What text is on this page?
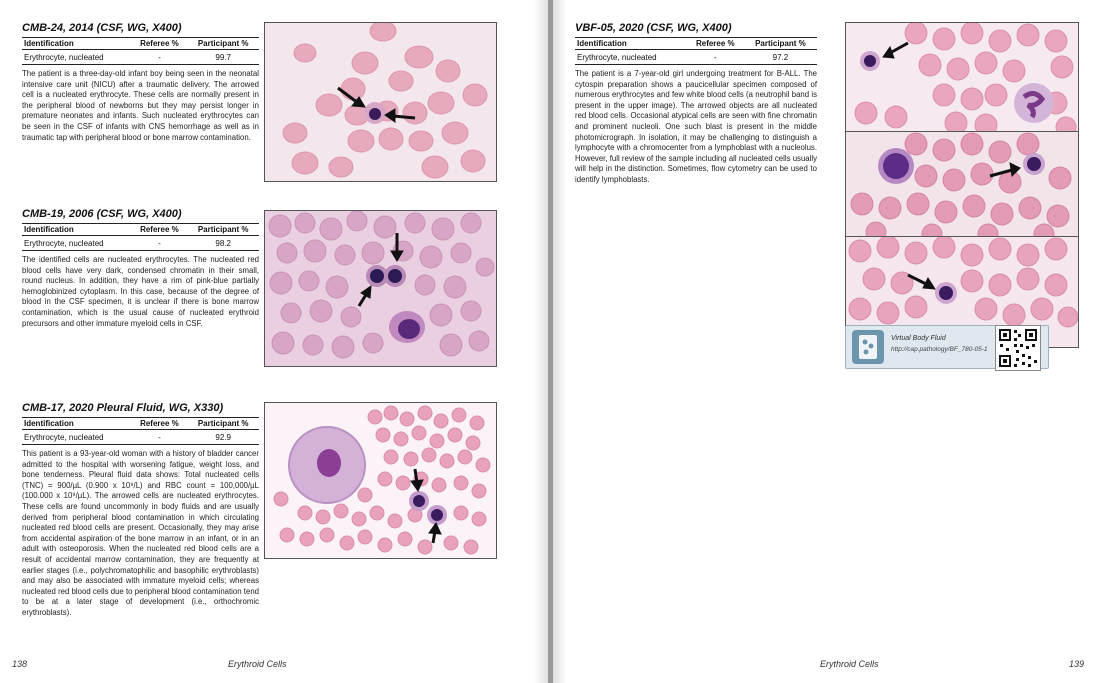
CMB-24, 2014 (CSF, WG, X400)
Identification	Referee %	Participant %
Erythrocyte, nucleated	-	99.7
The patient is a three-day-old infant boy being seen in the neonatal intensive care unit (NICU) after a traumatic delivery. The arrowed cell is a nucleated erythrocyte. These cells are normally present in the peripheral blood of newborns but they may persist longer in premature neonates and infants. Such nucleated erythrocytes can be seen in the CSF of infants with CNS hemorrhage as well as in traumatic tap with peripheral blood or bone marrow contamination.
CMB-19, 2006 (CSF, WG, X400)
Identification	Referee %	Participant %
Erythrocyte, nucleated	-	98.2
The identified cells are nucleated erythrocytes. The nucleated red blood cells have very dark, condensed chromatin in their small, round nucleus. In addition, they have a rim of pink-blue partially hemoglobinized cytoplasm. In this case, because of the degree of blood in the CSF specimen, it is unclear if there is bone marrow contamination, which is the usual cause of nucleated erythroid precursors and other immature myeloid cells in CSF.
CMB-17, 2020 Pleural Fluid, WG, X330)
Identification	Referee %	Participant %
Erythrocyte, nucleated	-	92.9
This patient is a 93-year-old woman with a history of bladder cancer admitted to the hospital with worsening fatigue, weight loss, and bone tenderness. Pleural fluid data shows: Total nucleated cells (TNC) = 900/µL (0.900 x 10⁹/L) and RBC count = 100,000/µL (100.000 x 10⁹/µL). The arrowed cells are nucleated erythrocytes. These cells are found uncommonly in body fluids and are usually derived from peripheral blood contamination in which circulating nucleated red blood cells are present. Occasionally, they may arise from accidental aspiration of the bone marrow in an infant, or in an adult with osteoporosis. When the nucleated red blood cells are a result of accidental marrow contamination, they are frequently at earlier stages (i.e., polychromatophilic and basophilic erythroblasts) and may also be associated with immature myeloid cells; whereas nucleated red blood cells due to peripheral blood contamination tend to be at a later stage of development (i.e., orthochromic erythroblasts).
138	Erythroid Cells
VBF-05, 2020 (CSF, WG, X400)
Identification	Referee %	Participant %
Erythrocyte, nucleated	-	97.2
The patient is a 7-year-old girl undergoing treatment for B-ALL. The cytospin preparation shows a paucicellular specimen composed of numerous erythrocytes and few white blood cells (a neutrophil band is present in the upper image). The arrowed objects are all nucleated red blood cells. Occasional atypical cells are seen with fine chromatin and prominent nucleoli. One such blast is present in the middle photomicrograph. In isolation, it may be challenging to distinguish a lymphocyte with a chromocenter from a lymphoblast with a nucleolus. However, full review of the sample including all nucleated cells usually will help in the distinction. Sometimes, flow cytometry can be used to identify lymphoblasts.
Virtual Body Fluid
http://cap.pathology/BF_780-05-1
Erythroid Cells	139
